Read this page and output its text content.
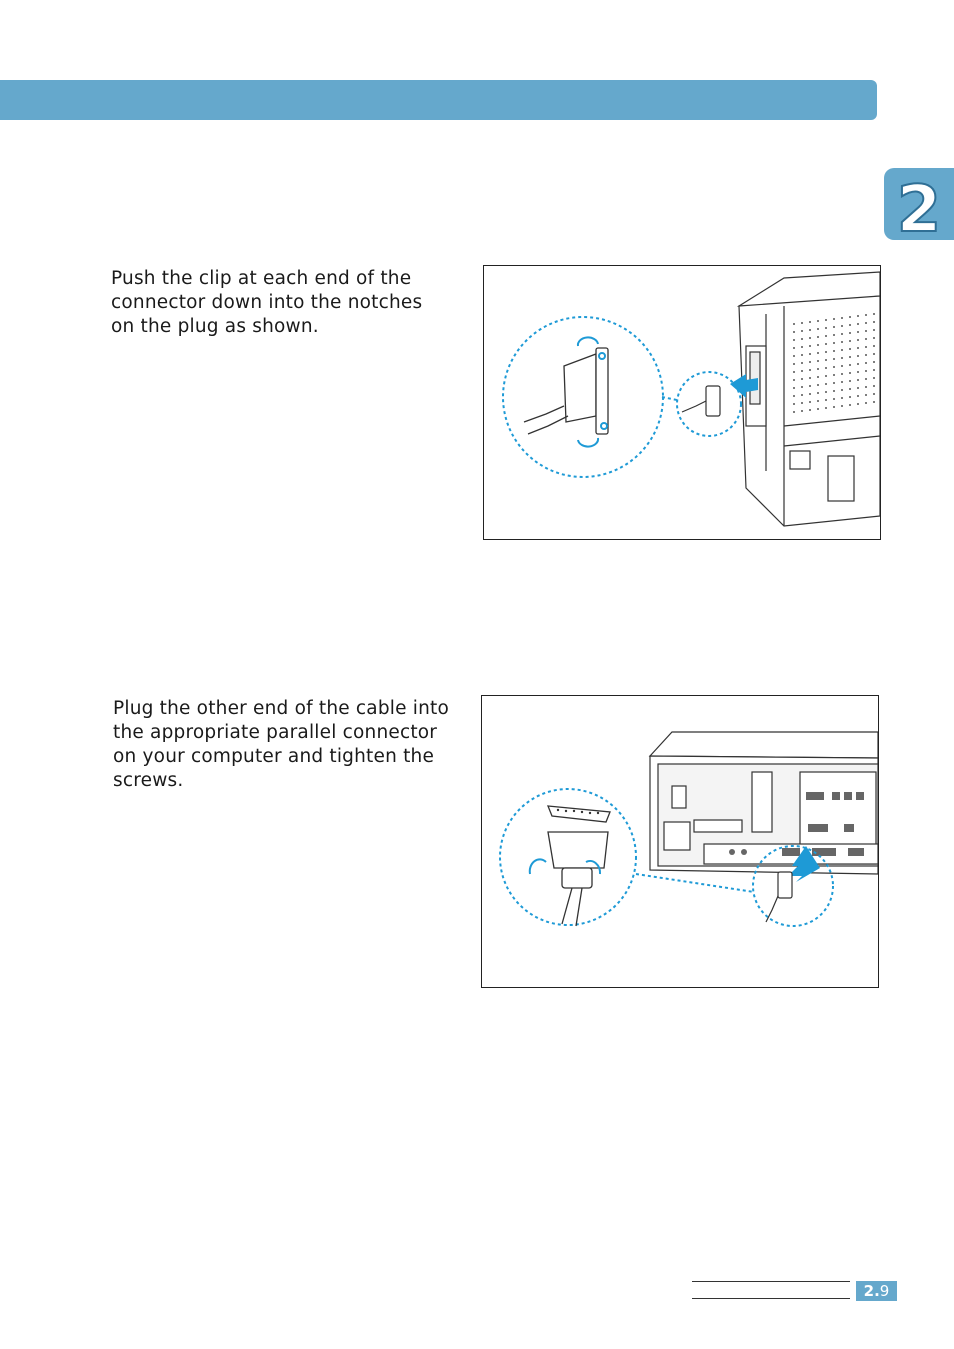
2

Push the clip at each end of the connector down into the notches on the plug as shown.

Plug the other end of the cable into the appropriate parallel connector on your computer and tighten the screws.

2.9
